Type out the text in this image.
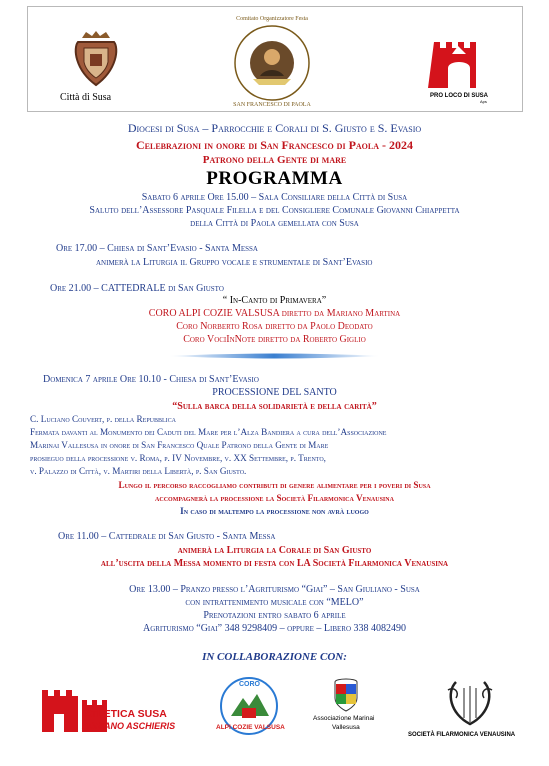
Città di Susa
Comitato Organizzatore Festa
SAN FRANCESCO DI PAOLA
PRO LOCO DI SUSA
Aps
Diocesi di Susa – Parrocchie e Corali di S. Giusto e S. Evasio
Celebrazioni in onore di San Francesco di Paola - 2024
Patrono della Gente di mare
PROGRAMMA
Sabato 6 aprile Ore 15.00 – Sala Consiliare della Città di Susa
Saluto dell’Assessore Pasquale Filella e del Consigliere Comunale Giovanni Chiappetta
della Città di Paola gemellata con Susa
Ore 17.00 – Chiesa di Sant’Evasio - Santa Messa
animerà la Liturgia il Gruppo vocale e strumentale di Sant’Evasio
Ore 21.00 – CATTEDRALE di San Giusto
“ In-Canto di Primavera”
CORO ALPI COZIE VALSUSA diretto da Mariano Martina
Coro Norberto Rosa diretto da Paolo Deodato
Coro VociInNote diretto da Roberto Giglio
Domenica 7 aprile Ore 10.10 - Chiesa di Sant’Evasio
PROCESSIONE DEL SANTO
“Sulla barca della solidarietà e della carità”
C. Luciano Couvert, p. della Repubblica
Fermata davanti al Monumento dei Caduti del Mare per l’Alza Bandiera a cura dell’Associazione
Marinai Vallesusa in onore di San Francesco Quale Patrono della Gente di Mare
prosieguo della processione v. Roma, p. IV Novembre, v. XX Settembre, p. Trento,
v. Palazzo di Città, v. Martiri della Libertà, p. San Giusto.
Lungo il percorso raccogliamo contributi di genere alimentare per i poveri di Susa
accompagnerà la processione la Società Filarmonica Venausina
In caso di maltempo la processione non avrà luogo
Ore 11.00 – Cattedrale di San Giusto - Santa Messa
animerà la Liturgia la Corale di San Giusto
all’uscita della Messa momento di festa con LA Società Filarmonica Venausina
Ore 13.00 – Pranzo presso l’Agriturismo “Giai” – San Giuliano - Susa
con intrattenimento musicale con “MELO”
Prenotazioni entro sabato 6 aprile
Agriturismo “Giai” 348 9298409 – oppure – Libero 338 4082490
IN COLLABORAZIONE CON:
ATLETICA SUSA
ADRIANO ASCHIERIS
CORO
ALPI COZIE VALSUSA
Associazione Marinai
Vallesusa
SOCIETÀ FILARMONICA VENAUSINA
